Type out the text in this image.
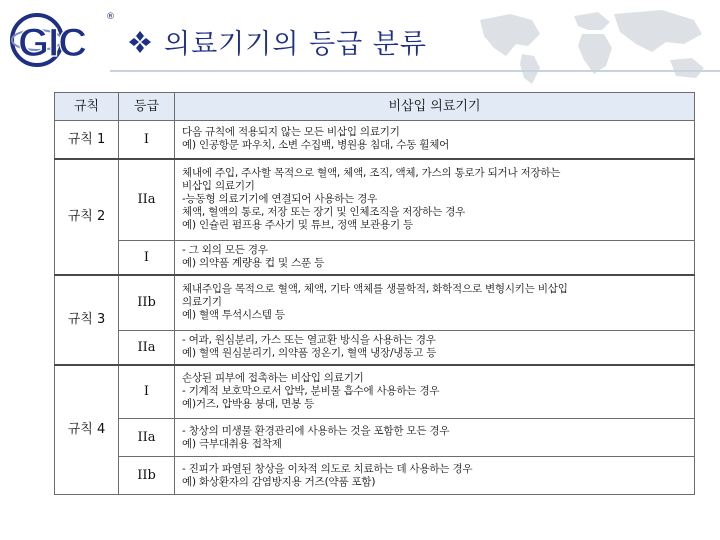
GIC
®
의료기기의 등급 분류
규칙	등급	비삽입 의료기기
규칙 1	I	다음 규칙에 적용되지 않는 모든 비삽입 의료기기
예) 인공항문 파우치, 소변 수집백, 병원용 침대, 수동 휠체어

규칙 2	IIa	체내에 주입, 주사할 목적으로 혈액, 체액, 조직, 액체, 가스의 통로가 되거나 저장하는
비삽입 의료기기
-능동형 의료기기에 연결되어 사용하는 경우
체액, 혈액의 통로, 저장 또는 장기 및 인체조직을 저장하는 경우
예) 인슐린 펌프용 주사기 및 튜브, 정액 보관용기 등

	I	- 그 외의 모든 경우
예) 의약품 계량용 컵 및 스푼 등

규칙 3	IIb	체내주입을 목적으로 혈액, 체액, 기타 액체를 생물학적, 화학적으로 변형시키는 비삽입
의료기기
예) 혈액 투석시스템 등

	IIa	- 여과, 원심분리, 가스 또는 열교환 방식을 사용하는 경우
예) 혈액 원심분리기, 의약품 정온기, 혈액 냉장/냉동고 등

규칙 4	I	손상된 피부에 접촉하는 비삽입 의료기기
- 기계적 보호막으로서 압박, 분비물 흡수에 사용하는 경우
예)거즈, 압박용 붕대, 면봉 등

	IIa	- 창상의 미생물 환경관리에 사용하는 것을 포함한 모든 경우
예) 극부대취용 접착제

	IIb	- 진피가 파열된 창상을 이차적 의도로 치료하는 데 사용하는 경우
예) 화상환자의 감염방지용 거즈(약품 포함)
